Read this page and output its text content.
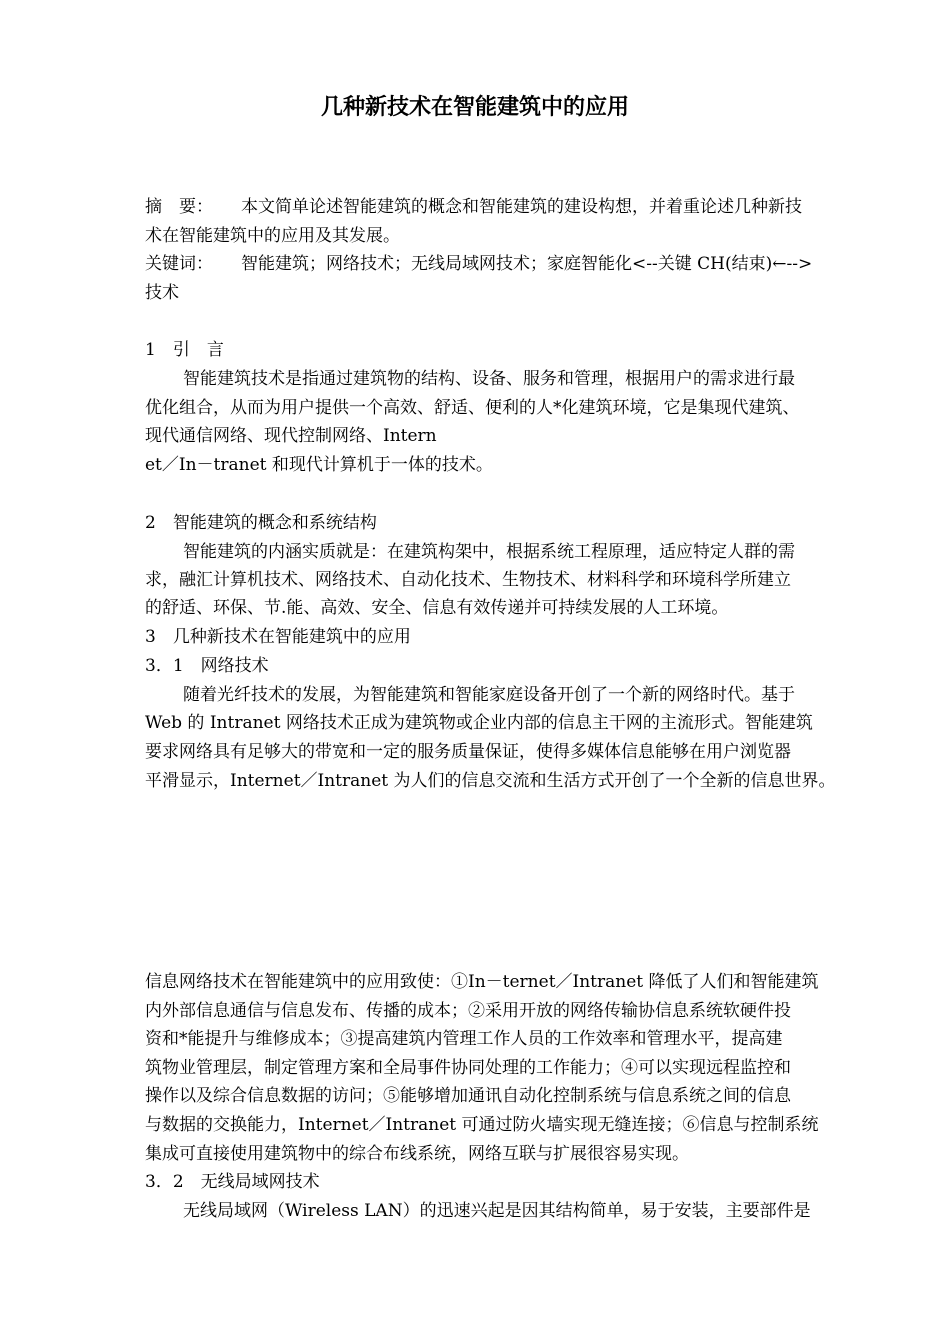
几种新技术在智能建筑中的应用
摘　要： 本文简单论述智能建筑的概念和智能建筑的建设构想，并着重论述几种新技
术在智能建筑中的应用及其发展。
关键词： 智能建筑；网络技术；无线局域网技术；家庭智能化<--关键 CH(结束)←-->
技术
1　引　言
智能建筑技术是指通过建筑物的结构、设备、服务和管理，根据用户的需求进行最
优化组合，从而为用户提供一个高效、舒适、便利的人*化建筑环境，它是集现代建筑、
现代通信网络、现代控制网络、Intern
et／In－tranet 和现代计算机于一体的技术。
2　智能建筑的概念和系统结构
智能建筑的内涵实质就是：在建筑构架中，根据系统工程原理，适应特定人群的需
求，融汇计算机技术、网络技术、自动化技术、生物技术、材料科学和环境科学所建立
的舒适、环保、节.能、高效、安全、信息有效传递并可持续发展的人工环境。
3　几种新技术在智能建筑中的应用
3．1　网络技术
随着光纤技术的发展，为智能建筑和智能家庭设备开创了一个新的网络时代。基于
Web 的 Intranet 网络技术正成为建筑物或企业内部的信息主干网的主流形式。智能建筑
要求网络具有足够大的带宽和一定的服务质量保证，使得多媒体信息能够在用户浏览器
平滑显示，Internet／Intranet 为人们的信息交流和生活方式开创了一个全新的信息世界。
信息网络技术在智能建筑中的应用致使：①In－ternet／Intranet 降低了人们和智能建筑
内外部信息通信与信息发布、传播的成本；②采用开放的网络传输协信息系统软硬件投
资和*能提升与维修成本；③提高建筑内管理工作人员的工作效率和管理水平，提高建
筑物业管理层，制定管理方案和全局事件协同处理的工作能力；④可以实现远程监控和
操作以及综合信息数据的访问；⑤能够增加通讯自动化控制系统与信息系统之间的信息
与数据的交换能力，Internet／Intranet 可通过防火墙实现无缝连接；⑥信息与控制系统
集成可直接使用建筑物中的综合布线系统，网络互联与扩展很容易实现。
3．2　无线局域网技术
无线局域网（Wireless LAN）的迅速兴起是因其结构简单，易于安装，主要部件是
